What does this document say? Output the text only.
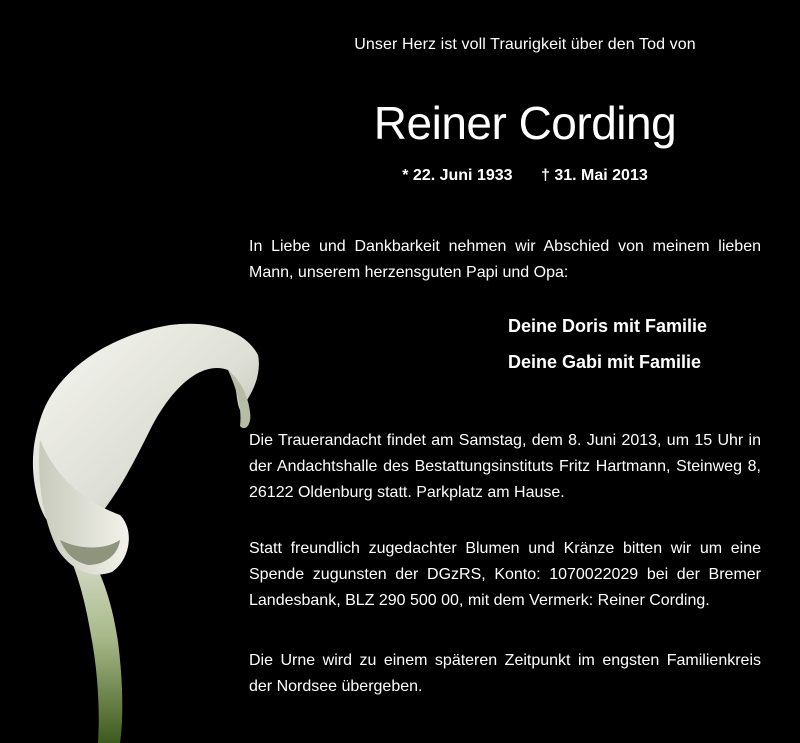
Unser Herz ist voll Traurigkeit über den Tod von
Reiner Cording
* 22. Juni 1933 † 31. Mai 2013

In Liebe und Dankbarkeit nehmen wir Abschied von meinem lieben Mann, unserem herzensguten Papi und Opa:

Deine Doris mit Familie
Deine Gabi mit Familie

Die Trauerandacht findet am Samstag, dem 8. Juni 2013, um 15 Uhr in der Andachtshalle des Bestattungsinstituts Fritz Hartmann, Steinweg 8, 26122 Oldenburg statt. Parkplatz am Hause.

Statt freundlich zugedachter Blumen und Kränze bitten wir um eine Spende zugunsten der DGzRS, Konto: 1070022029 bei der Bremer Landesbank, BLZ 290 500 00, mit dem Vermerk: Reiner Cording.

Die Urne wird zu einem späteren Zeitpunkt im engsten Familienkreis der Nordsee übergeben.
